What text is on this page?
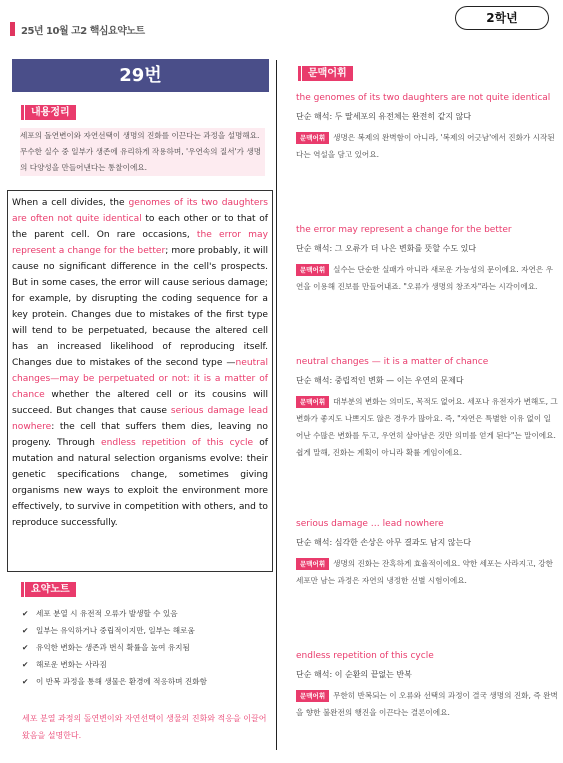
25년 10월 고2 핵심요약노트
2학년
29번
내용정리
세포의 돌연변이와 자연선택이 생명의 진화를 이끈다는 과정을 설명해요. 무수한 실수 중 일부가 생존에 유리하게 작용하며, '우연속의 질서'가 생명의 다양성을 만들어낸다는 통찰이에요.
When a cell divides, the genomes of its two daughters are often not quite identical to each other or to that of the parent cell. On rare occasions, the error may represent a change for the better; more probably, it will cause no significant difference in the cell's prospects. But in some cases, the error will cause serious damage; for example, by disrupting the coding sequence for a key protein. Changes due to mistakes of the first type will tend to be perpetuated, because the altered cell has an increased likelihood of reproducing itself. Changes due to mistakes of the second type —neutral changes—may be perpetuated or not: it is a matter of chance whether the altered cell or its cousins will succeed. But changes that cause serious damage lead nowhere: the cell that suffers them dies, leaving no progeny. Through endless repetition of this cycle of mutation and natural selection organisms evolve: their genetic specifications change, sometimes giving organisms new ways to exploit the environment more effectively, to survive in competition with others, and to reproduce successfully.
요약노트
✔ 세포 분열 시 유전적 오류가 발생할 수 있음
✔ 일부는 유익하거나 중립적이지만, 일부는 해로움
✔ 유익한 변화는 생존과 번식 확률을 높여 유지됨
✔ 해로운 변화는 사라짐
✔ 이 반복 과정을 통해 생물은 환경에 적응하며 진화함
세포 분열 과정의 돌연변이와 자연선택이 생물의 진화와 적응을 이끌어 왔음을 설명한다.
문맥어휘
the genomes of its two daughters are not quite identical
단순 해석: 두 딸세포의 유전체는 완전히 같지 않다
문맥어휘 생명은 복제의 완벽함이 아니라, '복제의 어긋남'에서 진화가 시작된다는 역설을 담고 있어요.
the error may represent a change for the better
단순 해석: 그 오류가 더 나은 변화를 뜻할 수도 있다
문맥어휘 실수는 단순한 실패가 아니라 새로운 가능성의 문이에요. 자연은 우연을 이용해 진보를 만들어내죠. "오류가 생명의 창조자"라는 시각이에요.
neutral changes — it is a matter of chance
단순 해석: 중립적인 변화 — 이는 우연의 문제다
문맥어휘 대부분의 변화는 의미도, 목적도 없어요. 세포나 유전자가 변해도, 그 변화가 좋지도 나쁘지도 않은 경우가 많아요. 즉, "자연은 특별한 이유 없이 일어난 수많은 변화를 두고, 우연히 살아남은 것만 의미를 얻게 된다"는 말이에요. 쉽게 말해, 진화는 계획이 아니라 확률 게임이에요.
serious damage … lead nowhere
단순 해석: 심각한 손상은 아무 결과도 남지 않는다
문맥어휘 생명의 진화는 잔혹하게 효율적이에요. 약한 세포는 사라지고, 강한 세포만 남는 과정은 자연의 냉정한 선별 시험이에요.
endless repetition of this cycle
단순 해석: 이 순환의 끝없는 반복
문맥어휘 무한히 반복되는 이 오류와 선택의 과정이 결국 생명의 진화, 즉 완벽을 향한 불완전의 행진을 이끈다는 결론이에요.
